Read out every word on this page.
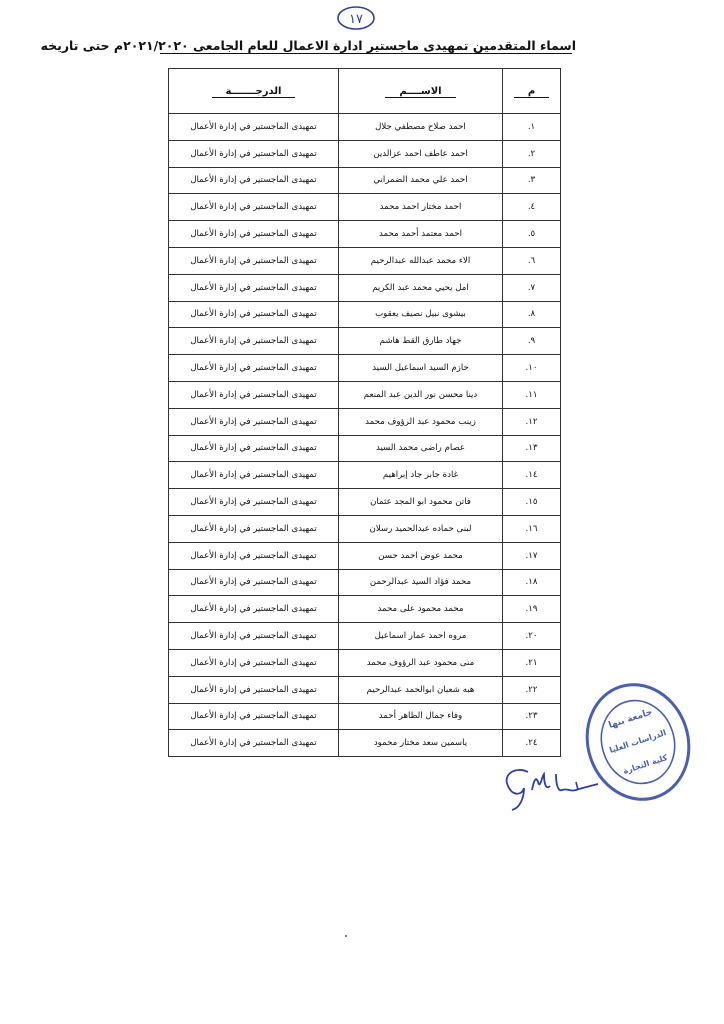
١٧
اسماء المتقدمين تمهيدى ماجستير ادارة الاعمال للعام الجامعى ٢٠٢١/٢٠٢٠م حتى تاريخه
م	الاســــم	الدرجـــــــة
١.	احمد صلاح مصطفي جلال	تمهيدى الماجستير في إدارة الأعمال
٢.	احمد عاطف احمد عزالدين	تمهيدى الماجستير في إدارة الأعمال
٣.	احمد علي محمد الضمراني	تمهيدى الماجستير في إدارة الأعمال
٤.	احمد مختار احمد محمد	تمهيدى الماجستير في إدارة الأعمال
٥.	احمد معتمد أحمد محمد	تمهيدى الماجستير في إدارة الأعمال
٦.	الاء محمد عبدالله عبدالرحيم	تمهيدى الماجستير في إدارة الأعمال
٧.	امل يحيي محمد عبد الكريم	تمهيدى الماجستير في إدارة الأعمال
٨.	بيشوى نبيل نصيف يعقوب	تمهيدى الماجستير في إدارة الأعمال
٩.	جهاد طارق القط هاشم	تمهيدى الماجستير في إدارة الأعمال
١٠.	حازم السيد اسماعيل السيد	تمهيدى الماجستير في إدارة الأعمال
١١.	دينا محسن نور الدين عبد المنعم	تمهيدى الماجستير في إدارة الأعمال
١٢.	زينب محمود عبد الرؤوف محمد	تمهيدى الماجستير في إدارة الأعمال
١٣.	عصام راضى محمد السيد	تمهيدى الماجستير في إدارة الأعمال
١٤.	غادة جابر جاد إبراهيم	تمهيدى الماجستير في إدارة الأعمال
١٥.	فاتن محمود ابو المجد عثمان	تمهيدى الماجستير في إدارة الأعمال
١٦.	لبنى حماده عبدالحميد رسلان	تمهيدى الماجستير في إدارة الأعمال
١٧.	محمد عوض احمد حسن	تمهيدى الماجستير في إدارة الأعمال
١٨.	محمد فؤاد السيد عبدالرحمن	تمهيدى الماجستير في إدارة الأعمال
١٩.	محمد محمود على محمد	تمهيدى الماجستير في إدارة الأعمال
٢٠.	مروه احمد عمار اسماعيل	تمهيدى الماجستير في إدارة الأعمال
٢١.	منى محمود عبد الرؤوف محمد	تمهيدى الماجستير في إدارة الأعمال
٢٢.	هبه شعبان ابوالحمد عبدالرحيم	تمهيدى الماجستير في إدارة الأعمال
٢٣.	وفاء جمال الطاهر أحمد	تمهيدى الماجستير في إدارة الأعمال
٢٤.	ياسمين سعد مختار محمود	تمهيدى الماجستير في إدارة الأعمال
جامعة بنها
الدراسات العليا
كلية التجارة
